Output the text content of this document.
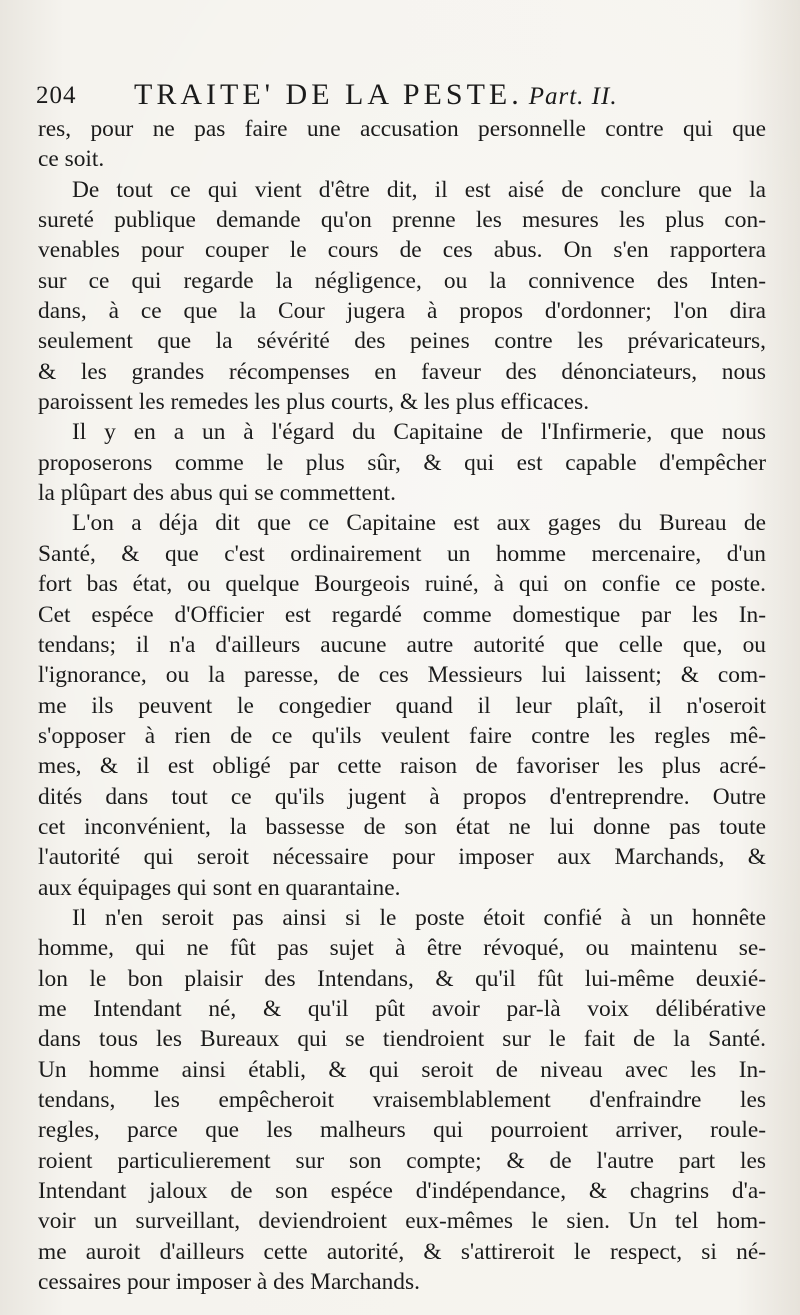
204 TRAITE' DE LA PESTE. Part. II.
res, pour ne pas faire une accusation personnelle contre qui que
ce soit.
De tout ce qui vient d'être dit, il est aisé de conclure que la
sureté publique demande qu'on prenne les mesures les plus con-
venables pour couper le cours de ces abus. On s'en rapportera
sur ce qui regarde la négligence, ou la connivence des Inten-
dans, à ce que la Cour jugera à propos d'ordonner; l'on dira
seulement que la sévérité des peines contre les prévaricateurs,
& les grandes récompenses en faveur des dénonciateurs, nous
paroissent les remedes les plus courts, & les plus efficaces.
Il y en a un à l'égard du Capitaine de l'Infirmerie, que nous
proposerons comme le plus sûr, & qui est capable d'empêcher
la plûpart des abus qui se commettent.
L'on a déja dit que ce Capitaine est aux gages du Bureau de
Santé, & que c'est ordinairement un homme mercenaire, d'un
fort bas état, ou quelque Bourgeois ruiné, à qui on confie ce poste.
Cet espéce d'Officier est regardé comme domestique par les In-
tendans; il n'a d'ailleurs aucune autre autorité que celle que, ou
l'ignorance, ou la paresse, de ces Messieurs lui laissent; & com-
me ils peuvent le congedier quand il leur plaît, il n'oseroit
s'opposer à rien de ce qu'ils veulent faire contre les regles mê-
mes, & il est obligé par cette raison de favoriser les plus acré-
dités dans tout ce qu'ils jugent à propos d'entreprendre. Outre
cet inconvénient, la bassesse de son état ne lui donne pas toute
l'autorité qui seroit nécessaire pour imposer aux Marchands, &
aux équipages qui sont en quarantaine.
Il n'en seroit pas ainsi si le poste étoit confié à un honnête
homme, qui ne fût pas sujet à être révoqué, ou maintenu se-
lon le bon plaisir des Intendans, & qu'il fût lui-même deuxié-
me Intendant né, & qu'il pût avoir par-là voix délibérative
dans tous les Bureaux qui se tiendroient sur le fait de la Santé.
Un homme ainsi établi, & qui seroit de niveau avec les In-
tendans, les empêcheroit vraisemblablement d'enfraindre les
regles, parce que les malheurs qui pourroient arriver, roule-
roient particulierement sur son compte; & de l'autre part les
Intendant jaloux de son espéce d'indépendance, & chagrins d'a-
voir un surveillant, deviendroient eux-mêmes le sien. Un tel hom-
me auroit d'ailleurs cette autorité, & s'attireroit le respect, si né-
cessaires pour imposer à des Marchands.
